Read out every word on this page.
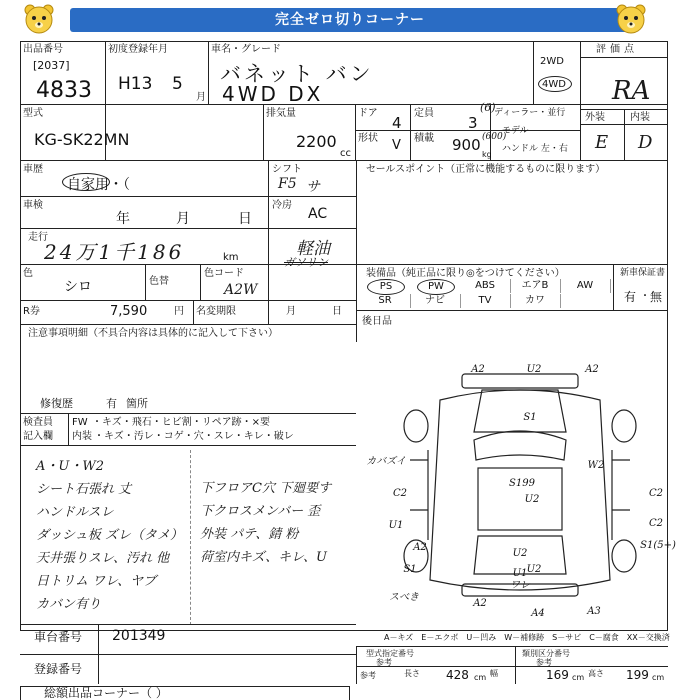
完全ゼロ切りコーナー
出品番号
[2037]
4833
初度登録年月
H13 5
月
車名・グレード
バネット バン
4WD DX
2WD
4WD
評価点
RA
外装	内装
E D
型式
KG-SK22MN
排気量
2200
cc
ドア
4
定員	(6)
3
ディーラー・並行
形状 V 積載 900 (600)
kg
モデル
ハンドル 左・右
車歴
自家用・（
シフト
F5 サ
セールスポイント（正常に機能するものに限ります）
車検
年	月	日
冷房
AC
走行
24万1千186	km	軽油
ガソリン
色
シロ	色替
色コード
A2W
R券	7,590	円 名変期限	月	日
装備品（純正品に限り◎をつけてください）	新車保証書
有 ・ 無
PS	PW	ABS	エアB	AW
SR	ナビ	TV	カワ
後日品
注意事項明細（不具合内容は具体的に記入して下さい）
修復歴	有 箇所
検査員
記入欄
FW ・キズ・飛石・ヒビ割・リペア跡・×要
内装 ・キズ・汚レ・コゲ・穴・スレ・キレ・破レ
A・U・W2
シート石張れ 丈
ハンドルスレ
ダッシュ板 ズレ（タメ）
天井張りスレ、汚れ 他
日トリム ワレ、ヤブ
カバン有り
下フロアC穴 下廻要す
下クロスメンバー 歪
外装 パテ、錆 粉
荷室内キズ、キレ、U
A2	U2	A2
S1
カバズイ	W2
S199
U2
C2	C2
U1
A2
S1
U2
C2
U1
ワレ
U2
A2
A4	A3
スべき
S1(5+)
A－キズ　E－エクボ　U－凹み　W－補修跡　S－サビ　C－腐食　XX－交換済
車台番号 201349
登録番号
型式指定番号
参考
類別区分番号
参考
参考	長さ 428 cm 幅	169 cm 高さ 199 cm
総額出品コーナー（ ）
